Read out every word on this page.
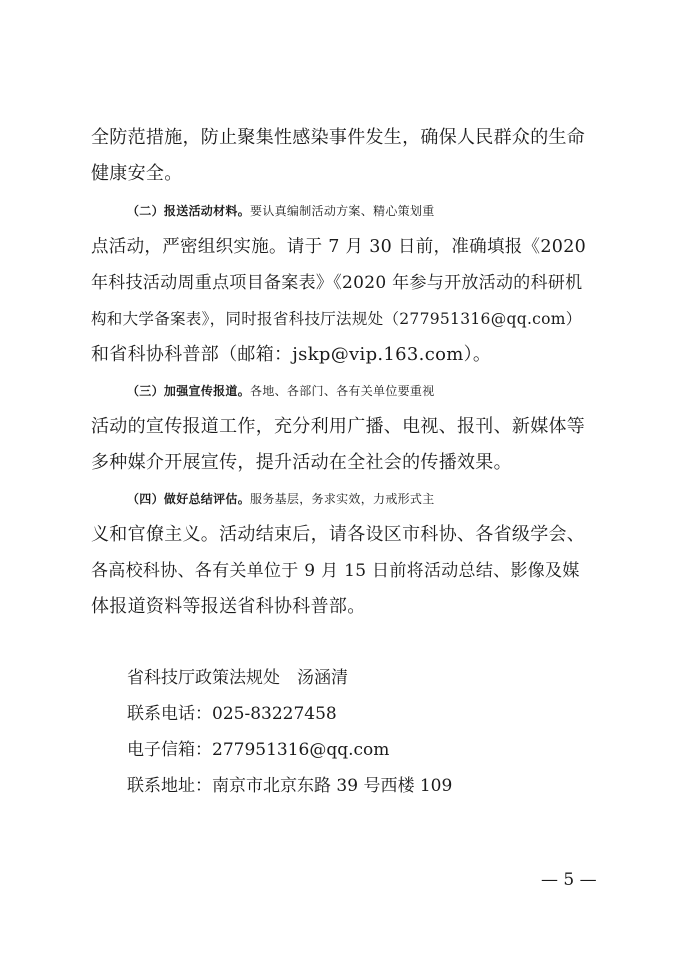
全防范措施，防止聚集性感染事件发生，确保人民群众的生命
健康安全。
（二）报送活动材料。要认真编制活动方案、精心策划重
点活动，严密组织实施。请于 7 月 30 日前，准确填报《2020
年科技活动周重点项目备案表》《2020 年参与开放活动的科研机
构和大学备案表》，同时报省科技厅法规处（277951316@qq.com）
和省科协科普部（邮箱：jskp@vip.163.com）。
（三）加强宣传报道。各地、各部门、各有关单位要重视
活动的宣传报道工作，充分利用广播、电视、报刊、新媒体等
多种媒介开展宣传，提升活动在全社会的传播效果。
（四）做好总结评估。服务基层，务求实效，力戒形式主
义和官僚主义。活动结束后，请各设区市科协、各省级学会、
各高校科协、各有关单位于 9 月 15 日前将活动总结、影像及媒
体报道资料等报送省科协科普部。
省科技厅政策法规处　汤涵清
联系电话：025-83227458
电子信箱：277951316@qq.com
联系地址：南京市北京东路 39 号西楼 109
— 5 —
